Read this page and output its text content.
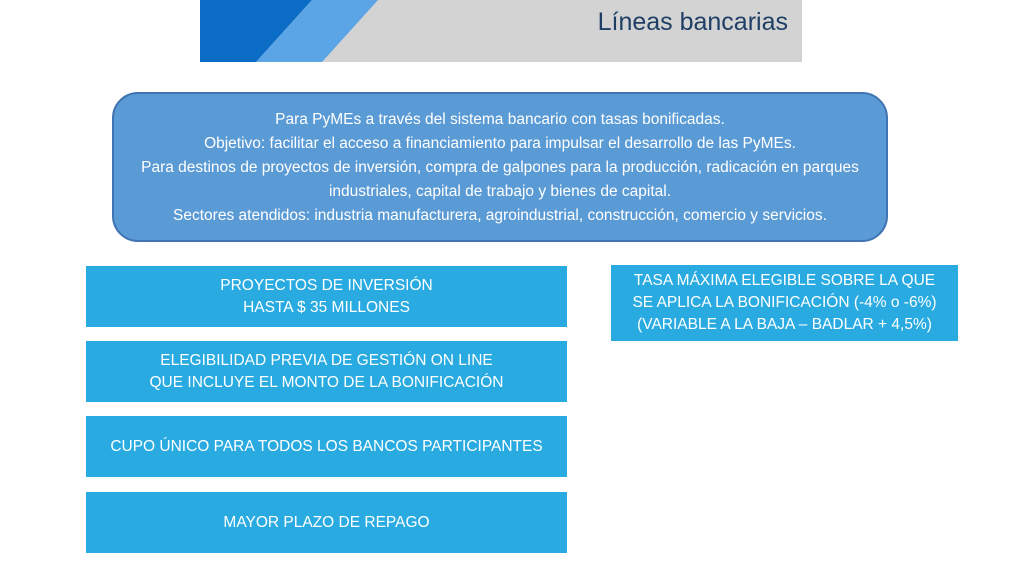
Líneas bancarias
Para PyMEs a través del sistema bancario con tasas bonificadas.
Objetivo: facilitar el acceso a financiamiento para impulsar el desarrollo de las PyMEs.
Para destinos de proyectos de inversión, compra de galpones para la producción, radicación en parques industriales, capital de trabajo y bienes de capital.
Sectores atendidos: industria manufacturera, agroindustrial, construcción, comercio y servicios.
PROYECTOS DE INVERSIÓN
HASTA $ 35 MILLONES
ELEGIBILIDAD PREVIA DE GESTIÓN ON LINE
QUE INCLUYE EL MONTO DE LA BONIFICACIÓN
CUPO ÚNICO PARA TODOS LOS BANCOS PARTICIPANTES
MAYOR PLAZO DE REPAGO
TASA MÁXIMA ELEGIBLE SOBRE LA QUE
SE APLICA LA BONIFICACIÓN (-4% o -6%)
(VARIABLE A LA BAJA – BADLAR + 4,5%)
